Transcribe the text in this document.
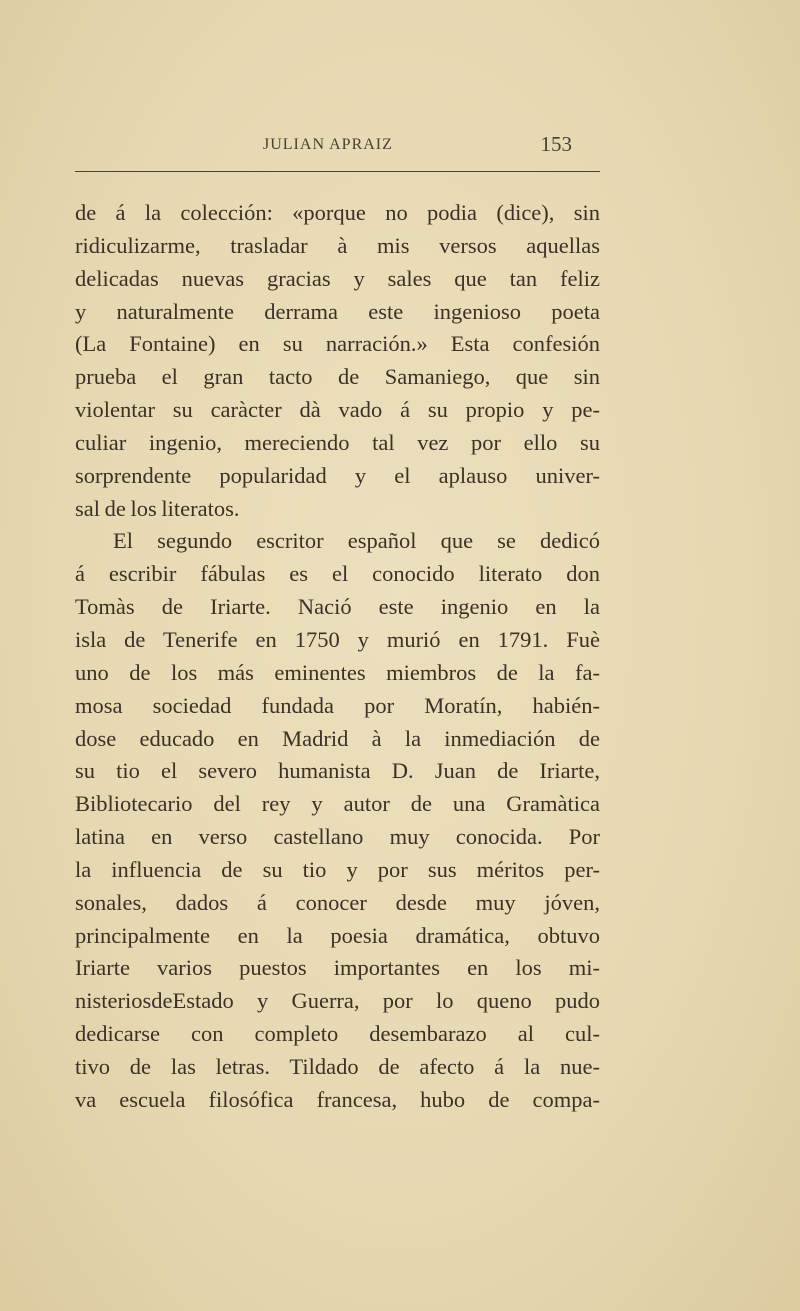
JULIAN APRAIZ	153
de á la colección: «porque no podia (dice), sin
ridiculizarme, trasladar à mis versos aquellas
delicadas nuevas gracias y sales que tan feliz
y naturalmente derrama este ingenioso poeta
(La Fontaine) en su narración.» Esta confesión
prueba el gran tacto de Samaniego, que sin
violentar su caràcter dà vado á su propio y pe-
culiar ingenio, mereciendo tal vez por ello su
sorprendente popularidad y el aplauso univer-
sal de los literatos.
El segundo escritor español que se dedicó
á escribir fábulas es el conocido literato don
Tomàs de Iriarte. Nació este ingenio en la
isla de Tenerife en 1750 y murió en 1791. Fuè
uno de los más eminentes miembros de la fa-
mosa sociedad fundada por Moratín, habién-
dose educado en Madrid à la inmediación de
su tio el severo humanista D. Juan de Iriarte,
Bibliotecario del rey y autor de una Gramàtica
latina en verso castellano muy conocida. Por
la influencia de su tio y por sus méritos per-
sonales, dados á conocer desde muy jóven,
principalmente en la poesia dramática, obtuvo
Iriarte varios puestos importantes en los mi-
nisteriosdeEstado y Guerra, por lo queno pudo
dedicarse con completo desembarazo al cul-
tivo de las letras. Tildado de afecto á la nue-
va escuela filosófica francesa, hubo de compa-
